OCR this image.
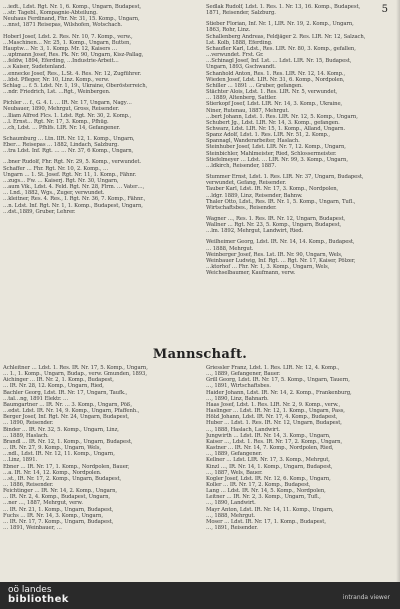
5
…iedt., Ldst. Rgt. Nr. 1, 6. Komp., Ungarn, Budapest,
…str. Tagebl., Kompagnie-Abteilung.
Neuhaus Ferdinand, Fhr. Nr. 31, 15. Komp., Ungarn,
…nnst, 1871 Reisepas, Wilshofen, Wotschach.
Hoberl Josef, Ldst. 2. Res. Nr. 10, 7. Komp., verw.,
…Maschinen… Nr. 25, 1. Komp., Ungarn, Butten,
Hauptw… Nr. 3, 1. Komp. Mr. 12, Kaisers …
…uptmann Josef, Res. Fk. Nr. 90, Ungarn, Kisz-Pallag,
…feldw, 1894, Eferding, …Industrie-Arbeit…
…s Kaiser, Sudetenland.
…ennecke Josef, Res., L.St. 4. Res. Nr. 12, Zugführer.
…ldst. Pfleger, Nr. 10, Linz. Komp., verw.
Schlag … f. 5. Ldst. Nr. 1, 19., Ukraine, Oberösterreich,
…ndr. Friedrich, Lst. …Rgt., Weinbergen.
Pichler … f., G. 4. I. … IR. Nr. 17, Ungarn, Nagy…
Neubauer, 1890, Mehrgut, Gross, Reisender.
…lliam Alfred Flcs. 1. Ldst. Rgt. Nr. 30, 2. Komp.,
…l. Ernst… Rgt. Nr. 17, 3. Komp., Pfhüg.
…ch, Ldst. … Pfhlfs. LIR. Nr. 14, Gefangener.
Schaumburg … Ltn. IIR. Nr. 12, 1. Komp., Ungarn,
Eber… Reisepas … 1882, Lindach, Salzburg.
…tra Ldst. Inf. Rgt. … … Nr. 37, 6 Komp., Ungarn,
…bner Rudolf, Fhr. Rgt. Nr. 29, 5. Komp., verwundet.
Schaffer … Fhr. Rgt. Nr. 10, 2. Komp., …
Ungarn … 1. St. Josef. Rgt. Nr. 11, 1. Komp., Fähnr.
…zugs… Fw. … Kaiserj. Rgt. Nr. 30, Ungarn,
…aum Vik., Ldst. 4. Feld. Rgt. Nr. 28, Flrm. … Vater…,
… Lnd., 1882, Wgs., Zuger, verwundet.
…kleitner, Res. 4. Res., I. Rgt. Nr. 36, 7. Komp., Fähnr.,
…n. Ldst. Inf. Rgt. Nr. 1, 1. Komp., Budapest, Ungarn,
…dst.,1889, Gruber, Lehrer.
Sedlak Rudolf, Ldst. 1. Res. 1. Nr. 13, 16. Komp., Budapest,
1871, Reisender, Salzburg.
Stieber Florian, Inf. Nr. 1, LIR. Nr. 19, 2. Komp., Ungarn,
1863, Rohr, Linz.
Schallenberg Andreas, Feldjäger 2. Res. LIR. Nr. 12, Salzach,
Lst. Kolb, 1888, Eferding.
Schaufler Karl, Ldst., Res. LIR. Nr. 80, 3. Komp., gefallen,
…verwundet. Frst. Gr.
…Schinagl Josef, Inf. Lst. … Ldst. LIR. Nr. 15, Budapest,
Ungarn, 1893, Gschwandt.
Schanhold Anton, Res. 1. Res. LIR. Nr. 12, 14. Komp.,
Wieden Josef, Ldst. LIR. Nr. 31, 6. Komp., Nordpolen,
Schiller … 1891 … Gruber, gefangen.
Stächter Alois, Ldst. 1. Res. LIR. Nr. 5, verwundet,
… 1889, Altenberg, Sattler.
Stierkopf Josef, Ldst. LIR. Nr. 14, 3. Komp., Ukraine,
Niner, Rutenau, 1887, Mehrgut.
…bert Johann, Ldst. 1. Res. LIR. Nr. 12, 5. Komp., Ungarn,
Schubert Jg., Ldst. LIR. Nr. 14, 3. Komp., gefangen.
Schwarz, Ldst. LIR. Nr. 15, 1. Komp., Alland, Ungarn.
Spanz Adolf, Ldst. 1. Res. LIR. Nr. 51, 2. Komp.,
Spannagl, Wanderarbeiter, Haslach.
Steinhuber Josef, Ldst. LIR. Nr. 7, 12. Komp., Ungarn,
Steinbichler, Mahlmeister, Ried, Schlossermeister.
Stiefelmeyer … Ldst. … LIR. Nr. 99, 3. Komp., Ungarn,
…ldkirch, Reisender, 1887.
Stummer Ernst, Ldst. 1. Res. LIR. Nr. 37, Ungarn, Budapest,
verwundet, Gefang, Reisender.
Tauber Karl, Ldst. IR. Nr. 17, 3. Komp., Nordpolen,
…ldgr. 1889, Linz, Reisender, Bahnw.
Thaler Otto, Ldst., Res. IR. Nr. 1, 5. Komp., Ungarn, Tufl.,
Wirtschaftsbes., Reisender.
Wagner …, Res. 1. Res. IR. Nr. 12, Ungarn, Budapest,
Wallner … Rgt. Nr. 23, 5. Komp., Ungarn, Budapest,
…lm. 1892, Mehrgut, Landwirt, Ried.
Weilheimer Georg, Ldst. IR. Nr. 14, 14. Komp., Budapest,
… 1888, Mehrgut.
Weinberger Josef, Res. Lst. IR. Nr. 90, Ungarn, Wels,
Weinbauer Ludwig, Inf. Rgt. … Rgt. Nr. 17, Kaiser, Pölzer,
…ktorhof … Fhr. Nr. 1, 3. Komp., Ungarn, Wels,
Weichselbaumer, Kaufmann, verw.
Mannschaft.
Achleitner … Ldst. 1. Res. IR. Nr. 17, 5. Komp., Ungarn,
… 1., 1. Komp., Ungarn, Budap., verw. Gmunden, 1893,
Aichinger … IR. Nr. 2, 1. Komp., Budapest,
… IR. Nr. 28, 12. Komp., Ungarn, Ried,
Bachler Georg, Ldst. IR. Nr. 17, Ungarn, Taufk.,
…tal…ng, 1891 Elektr. …
Baumgartner … IR. Nr. … 3. Komp., Ungarn, Pöß,
…edst. Ldst. IR. Nr. 14, 9. Komp., Ungarn, Pfaffenh.,
Berger Josef, Inf. Rgt. Nr. 24, Ungarn, Budapest,
… 1890, Reisender.
Binder … IR. Nr. 32, 5. Komp., Ungarn, Linz,
… 1889, Haslach.
Brandl … IR. Nr. 12, 1. Komp., Ungarn, Budapest,
… IR. Nr. 27, 9. Komp., Ungarn, Wels,
…ndl., Ldst. IR. Nr. 12, 11. Komp., Ungarn,
…Linz, 1891.
Ebner … IR. Nr. 17, 1. Komp., Nordpolen, Bauer,
…a. IR. Nr. 14, 12. Komp., Nordpolen.
…st., IR. Nr. 17, 2. Komp., Ungarn, Budapest,
… 1886, Reisender.
Feichtinger … IR. Nr. 14, 2. Komp., Ungarn,
… IR. Nr. 2, 4. Komp., Budapest, Ungarn,
…ner …, 1887, Mehrgut, verw.
… IR. Nr. 21, 1. Komp., Ungarn, Budapest,
Fuchs … IR. Nr. 14, 3. Komp., Ungarn,
… IR. Nr. 17, 7. Komp., Ungarn, Budapest,
… 1891, Weinbauer, …
Griessler Franz, Ldst. 1. Res. LIR. Nr. 12, 4. Komp.,
…, 1889, Gefangener, Bauer.
Grill Georg, Ldst. IR. Nr. 17, 5. Komp., Ungarn, Tauern,
…, 1891, Wirtschaftsbes.
Haider Johann, Ldst. IR. Nr. 14, 2. Komp., Frankenburg,
…, 1890, Linz, Bahnarb.
Haas Josef, Ldst. 1. Res. LIR. Nr. 2, 9. Komp., verw.,
Haslinger … Ldst. IR. Nr. 12, 1. Komp., Ungarn, Pass,
Hölzl Johann, Ldst. IR. Nr. 17, 4. Komp., Budapest,
Huber … Ldst. 1. Res. IR. Nr. 12, Ungarn, Budapest,
…, 1888, Haslach, Landwirt.
Jungwirth … Ldst. IR. Nr. 14, 3. Komp., Ungarn,
Kaiser …, Ldst. 1. Res. IR. Nr. 17, 2. Komp., Ungarn,
Kastner … IR. Nr. 14, 7. Komp., Nordpolen, Ried,
…, 1889, Gefangener.
Kellner … Ldst. LIR. Nr. 17, 3. Komp., Mehrgut,
Kinzl …, IR. Nr. 14, 1. Komp., Ungarn, Budapest,
…, 1887, Wels, Bauer.
Kogler Josef, Ldst. IR. Nr. 12, 6. Komp., Ungarn,
Koller … IR. Nr. 17, 2. Komp., Budapest,
Lang … Ldst. IR. Nr. 14, 5. Komp., Nordpolen,
Leitner … IR. Nr. 2, 3. Komp., Ungarn, Tufl.,
…, 1890, Landwirt.
Mayr Anton, Ldst. IR. Nr. 14, 11. Komp., Ungarn,
…, 1888, Mehrgut.
Moser … Ldst. IR. Nr. 17, 1. Komp., Budapest,
…, 1891, Reisender.
oö landes
bibliothek	intranda viewer
